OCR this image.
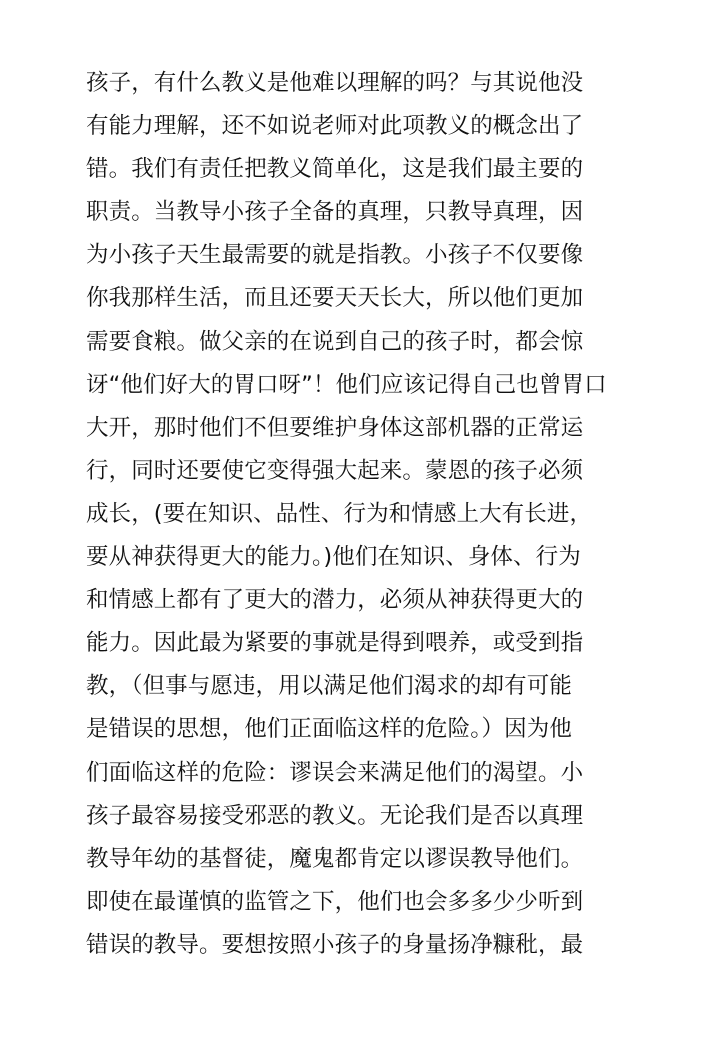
孩子，有什么教义是他难以理解的吗？与其说他没
有能力理解，还不如说老师对此项教义的概念出了
错。我们有责任把教义简单化，这是我们最主要的
职责。当教导小孩子全备的真理，只教导真理，因
为小孩子天生最需要的就是指教。小孩子不仅要像
你我那样生活，而且还要天天长大，所以他们更加
需要食粮。做父亲的在说到自己的孩子时，都会惊
讶“他们好大的胃口呀”！他们应该记得自己也曾胃口
大开，那时他们不但要维护身体这部机器的正常运
行，同时还要使它变得强大起来。蒙恩的孩子必须
成长，(要在知识、品性、行为和情感上大有长进，
要从神获得更大的能力。)他们在知识、身体、行为
和情感上都有了更大的潜力，必须从神获得更大的
能力。因此最为紧要的事就是得到喂养，或受到指
教，（但事与愿违，用以满足他们渴求的却有可能
是错误的思想，他们正面临这样的危险。）因为他
们面临这样的危险：谬误会来满足他们的渴望。小
孩子最容易接受邪恶的教义。无论我们是否以真理
教导年幼的基督徒，魔鬼都肯定以谬误教导他们。
即使在最谨慎的监管之下，他们也会多多少少听到
错误的教导。要想按照小孩子的身量扬净糠秕，最
